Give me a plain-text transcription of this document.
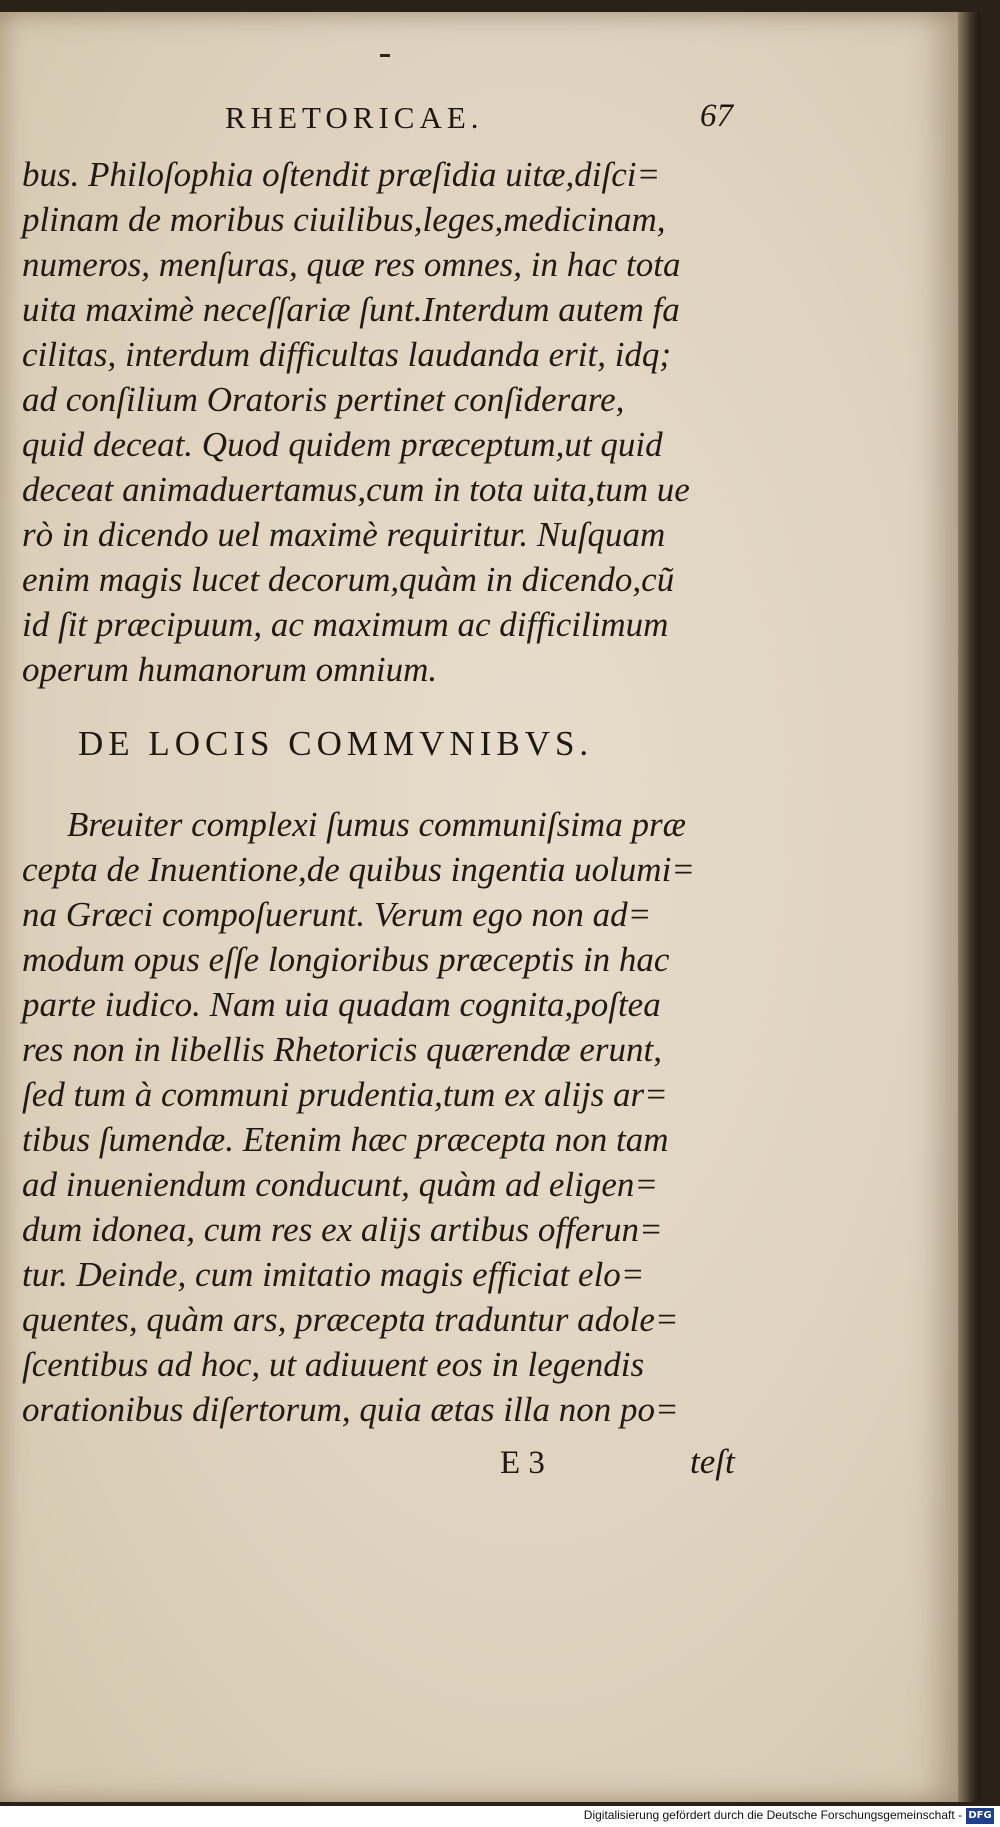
RHETORICAE.	67
bus. Philoſophia oſtendit præſidia uitæ,diſci=
plinam de moribus ciuilibus,leges,medicinam,
numeros, menſuras, quæ res omnes, in hac tota
uita maximè neceſſariæ ſunt.Interdum autem fa
cilitas, interdum difficultas laudanda erit, idq;
ad conſilium Oratoris pertinet conſiderare,
quid deceat. Quod quidem præceptum,ut quid
deceat animaduertamus,cum in tota uita,tum ue
rò in dicendo uel maximè requiritur. Nuſquam
enim magis lucet decorum,quàm in dicendo,cũ
id ſit præcipuum, ac maximum ac difficilimum
operum humanorum omnium.
DE LOCIS COMMVNIBVS.
Breuiter complexi ſumus communiſsima præ
cepta de Inuentione,de quibus ingentia uolumi=
na Græci compoſuerunt. Verum ego non ad=
modum opus eſſe longioribus præceptis in hac
parte iudico. Nam uia quadam cognita,poſtea
res non in libellis Rhetoricis quærendæ erunt,
ſed tum à communi prudentia,tum ex alijs ar=
tibus ſumendæ. Etenim hæc præcepta non tam
ad inueniendum conducunt, quàm ad eligen=
dum idonea, cum res ex alijs artibus offerun=
tur. Deinde, cum imitatio magis efficiat elo=
quentes, quàm ars, præcepta traduntur adole=
ſcentibus ad hoc, ut adiuuent eos in legendis
orationibus diſertorum, quia ætas illa non po=
E 3	teſt
Digitalisierung gefördert durch die Deutsche Forschungsgemeinschaft - DFG
